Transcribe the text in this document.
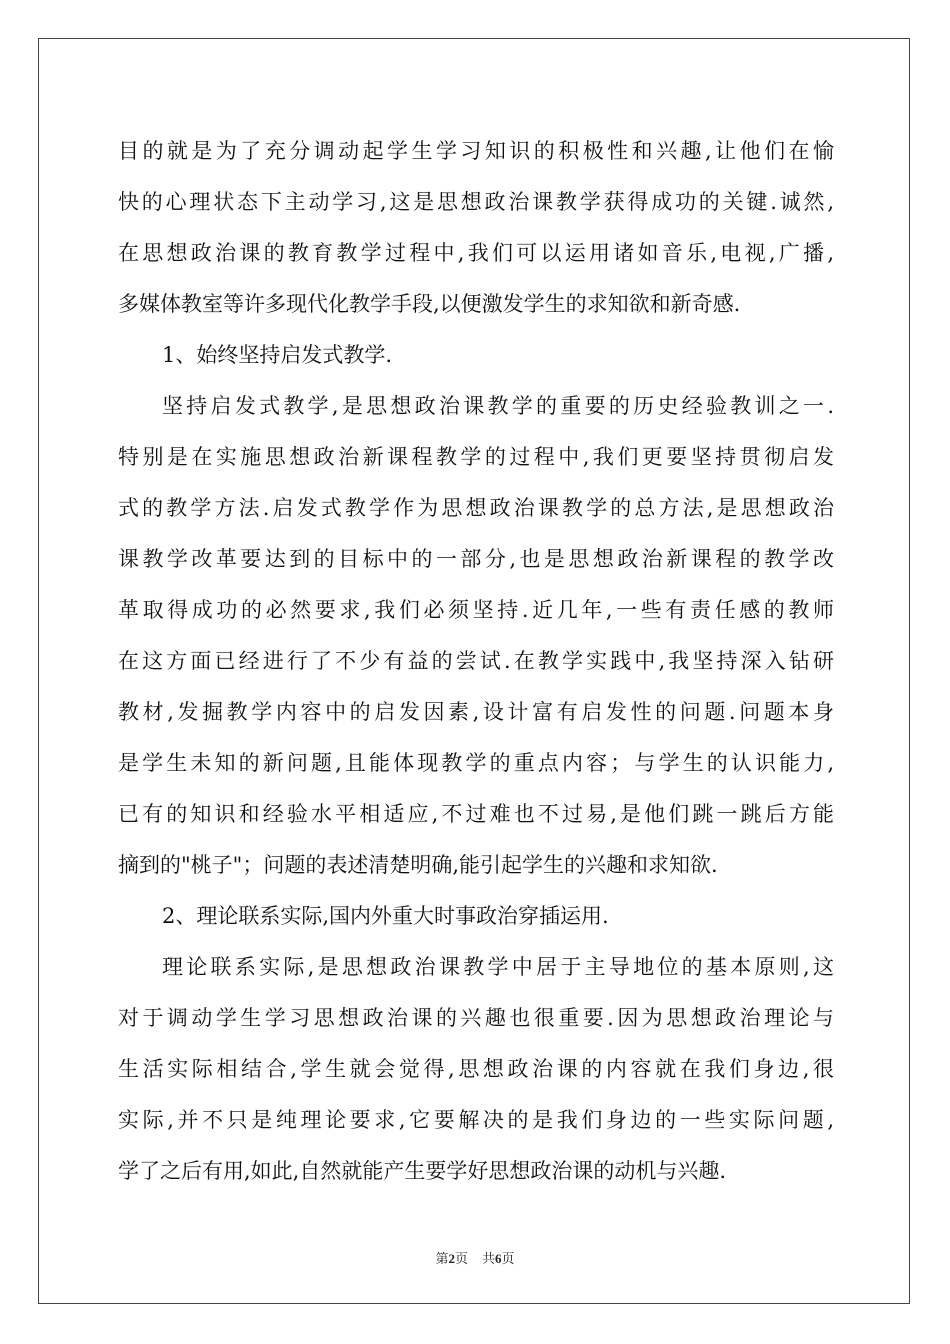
目的就是为了充分调动起学生学习知识的积极性和兴趣,让他们在愉
快的心理状态下主动学习,这是思想政治课教学获得成功的关键.诚然,
在思想政治课的教育教学过程中,我们可以运用诸如音乐,电视,广播,
多媒体教室等许多现代化教学手段,以便激发学生的求知欲和新奇感.
1、始终坚持启发式教学.
坚持启发式教学,是思想政治课教学的重要的历史经验教训之一.
特别是在实施思想政治新课程教学的过程中,我们更要坚持贯彻启发
式的教学方法.启发式教学作为思想政治课教学的总方法,是思想政治
课教学改革要达到的目标中的一部分,也是思想政治新课程的教学改
革取得成功的必然要求,我们必须坚持.近几年,一些有责任感的教师
在这方面已经进行了不少有益的尝试.在教学实践中,我坚持深入钻研
教材,发掘教学内容中的启发因素,设计富有启发性的问题.问题本身
是学生未知的新问题,且能体现教学的重点内容；与学生的认识能力,
已有的知识和经验水平相适应,不过难也不过易,是他们跳一跳后方能
摘到的"桃子"；问题的表述清楚明确,能引起学生的兴趣和求知欲.
2、理论联系实际,国内外重大时事政治穿插运用.
理论联系实际,是思想政治课教学中居于主导地位的基本原则,这
对于调动学生学习思想政治课的兴趣也很重要.因为思想政治理论与
生活实际相结合,学生就会觉得,思想政治课的内容就在我们身边,很
实际,并不只是纯理论要求,它要解决的是我们身边的一些实际问题,
学了之后有用,如此,自然就能产生要学好思想政治课的动机与兴趣.
第2页 共6页
